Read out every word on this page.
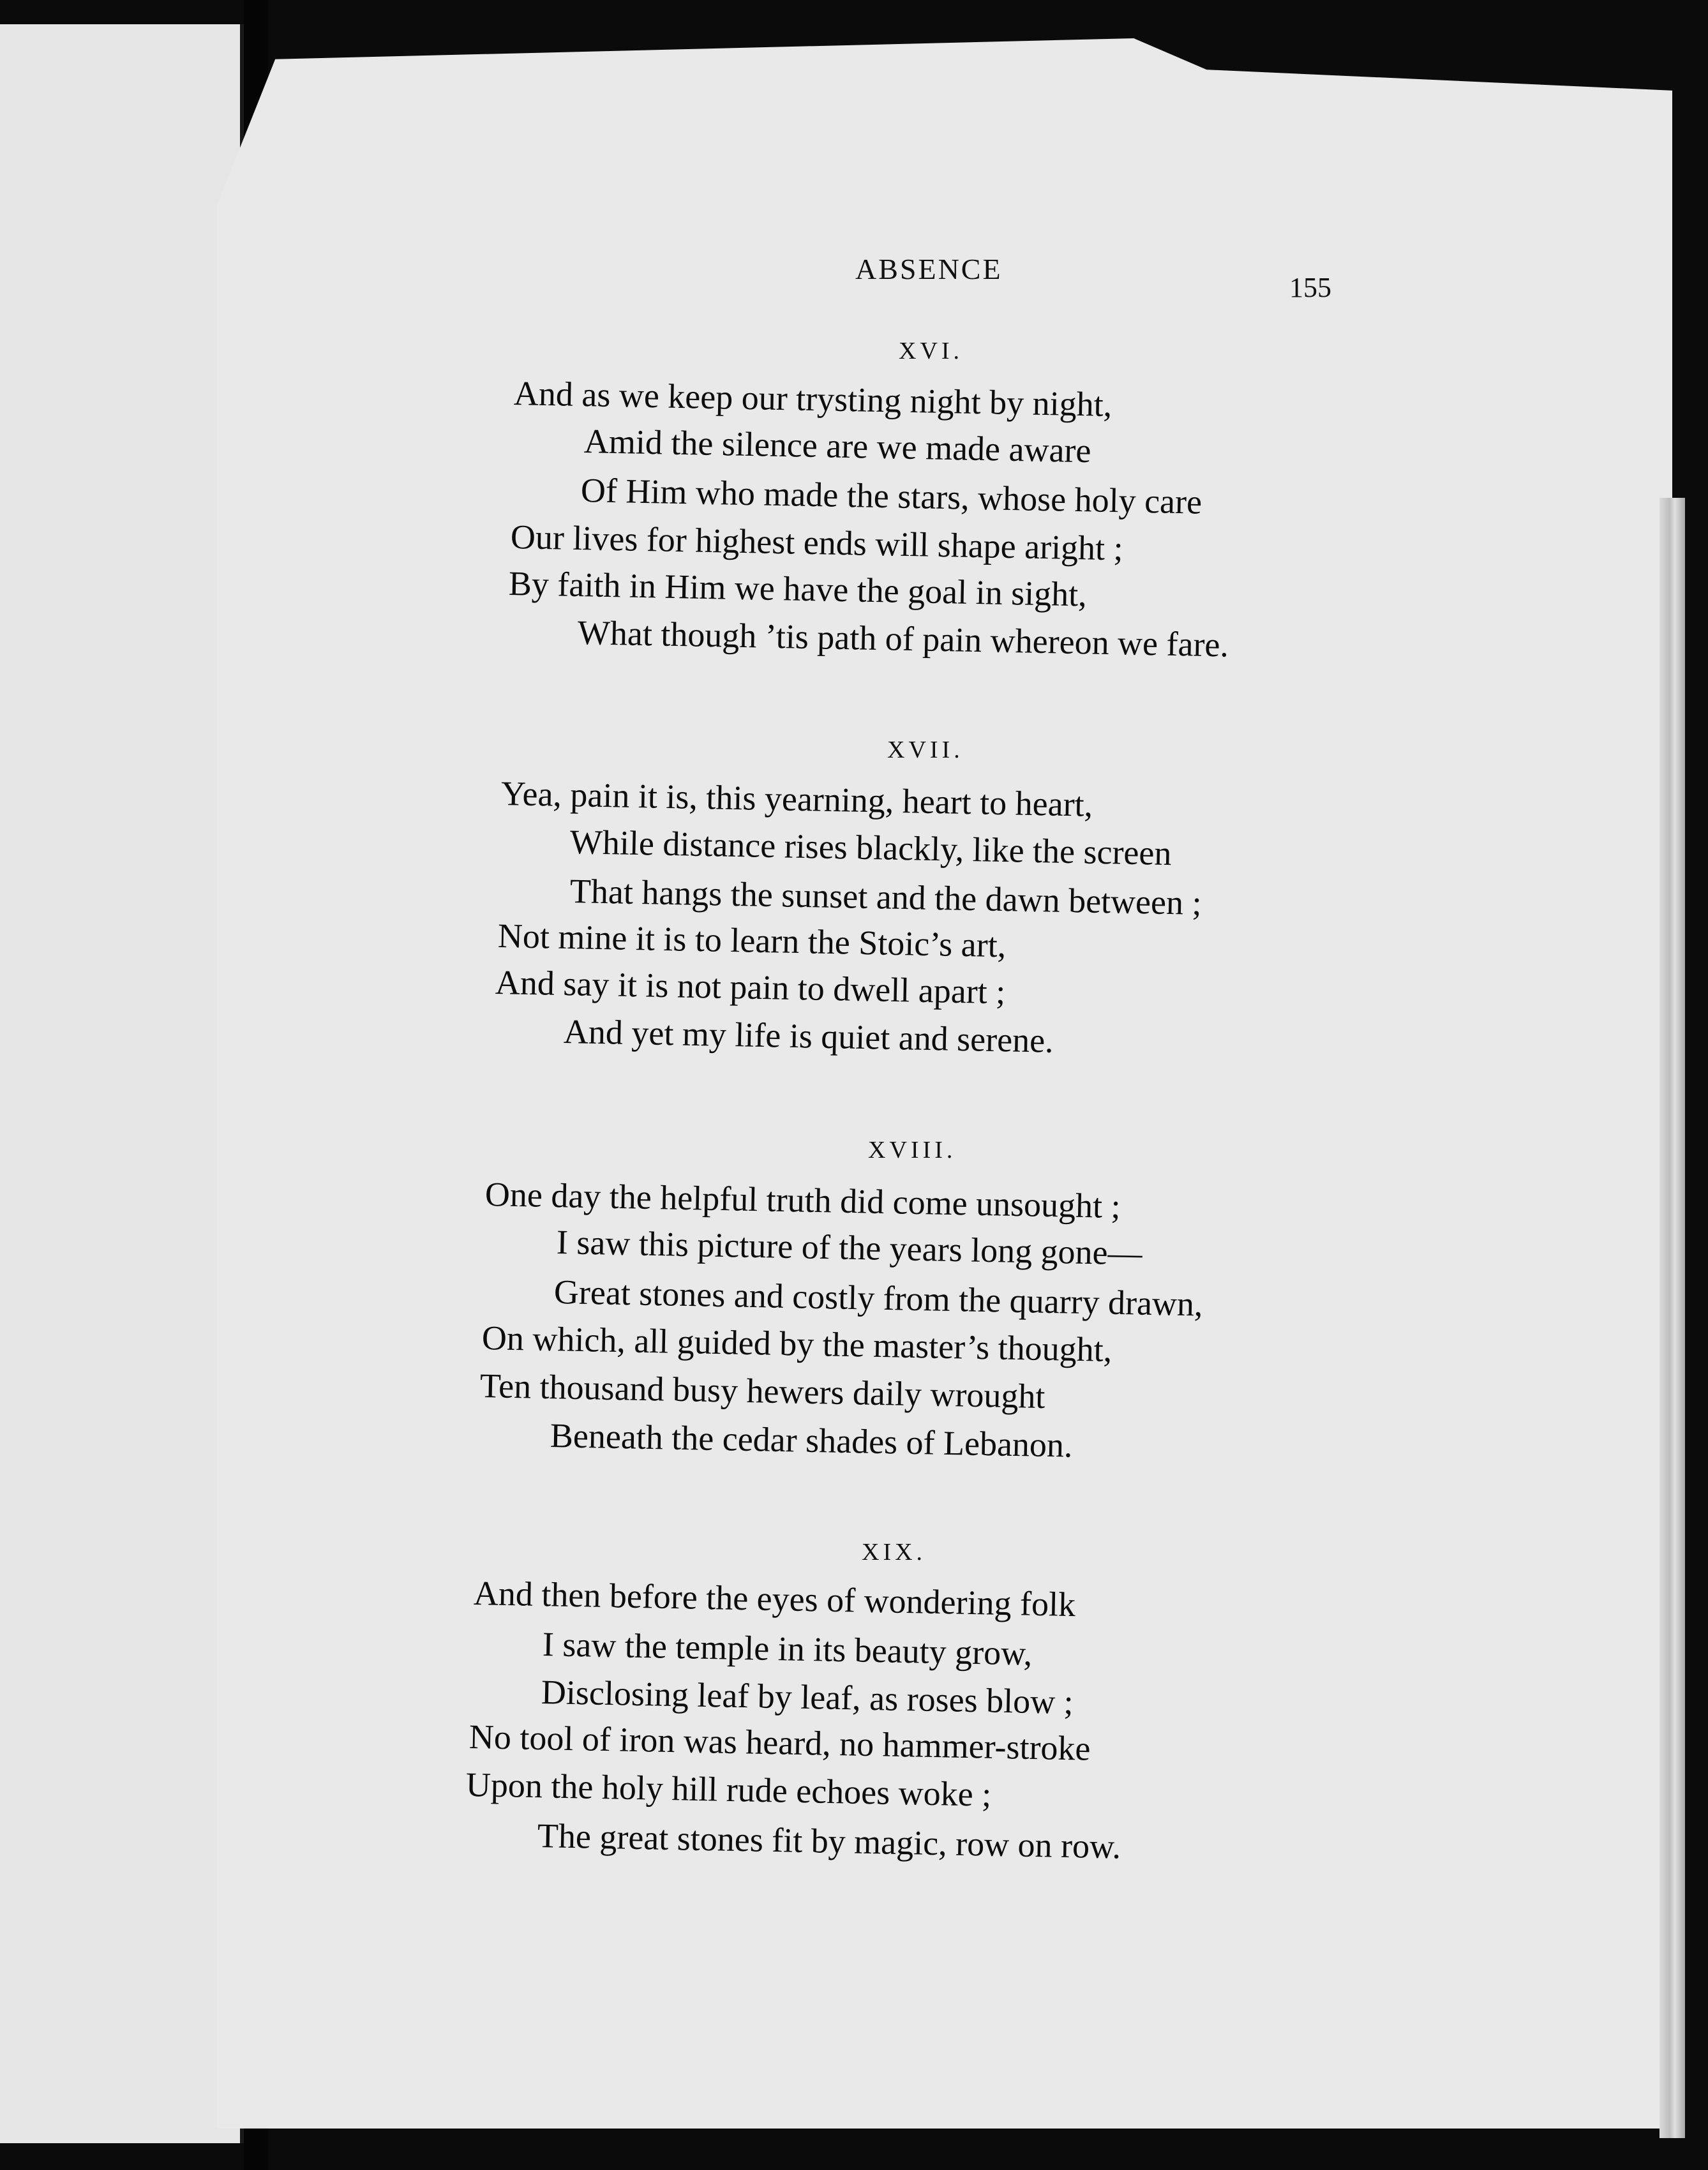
ABSENCE
155
XVI.
And as we keep our trysting night by night,
Amid the silence are we made aware
Of Him who made the stars, whose holy care
Our lives for highest ends will shape aright ;
By faith in Him we have the goal in sight,
What though ’tis path of pain whereon we fare.
XVII.
Yea, pain it is, this yearning, heart to heart,
While distance rises blackly, like the screen
That hangs the sunset and the dawn between ;
Not mine it is to learn the Stoic’s art,
And say it is not pain to dwell apart ;
And yet my life is quiet and serene.
XVIII.
One day the helpful truth did come unsought ;
I saw this picture of the years long gone—
Great stones and costly from the quarry drawn,
On which, all guided by the master’s thought,
Ten thousand busy hewers daily wrought
Beneath the cedar shades of Lebanon.
XIX.
And then before the eyes of wondering folk
I saw the temple in its beauty grow,
Disclosing leaf by leaf, as roses blow ;
No tool of iron was heard, no hammer-stroke
Upon the holy hill rude echoes woke ;
The great stones fit by magic, row on row.
